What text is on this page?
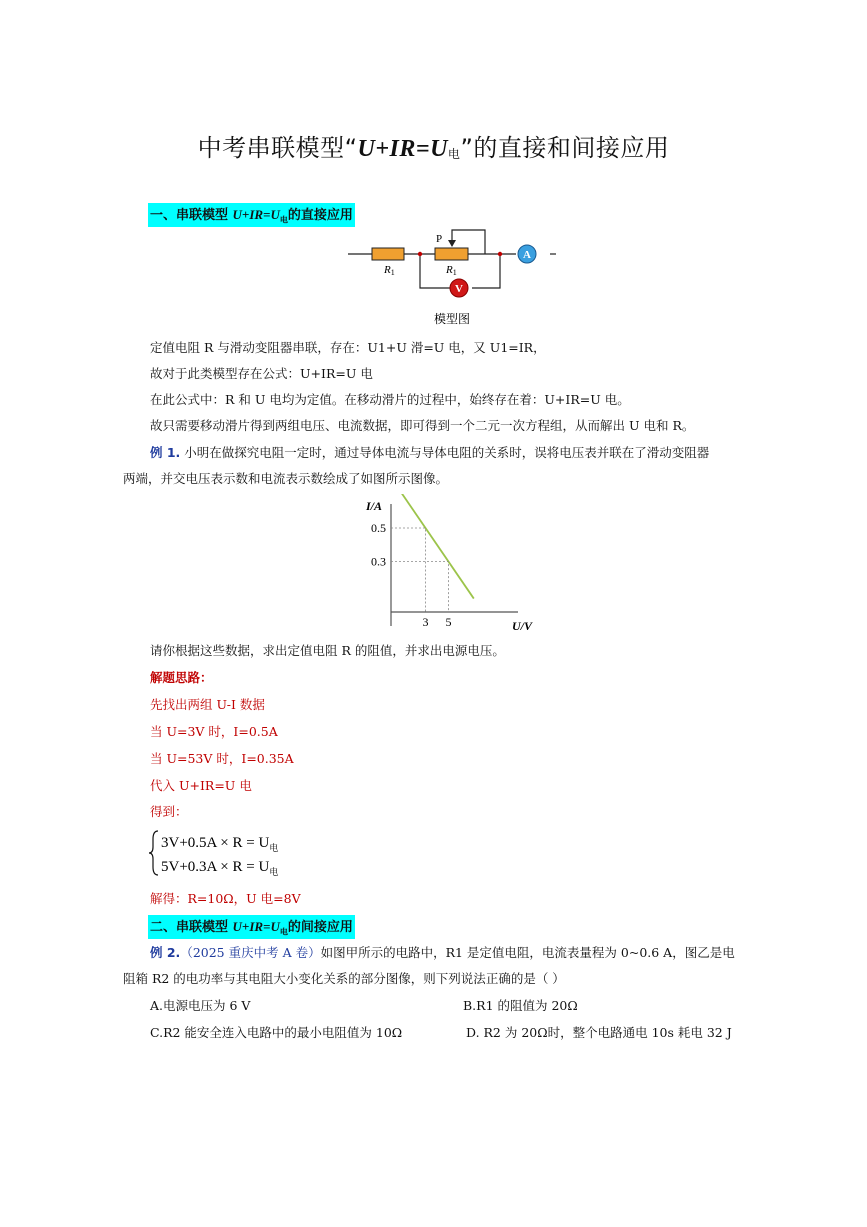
中考串联模型“$U+IR=U_电$”的直接和间接应用
一、串联模型 $U+IR=U_电$的直接应用
A
V
P
R1	R1
模型图
定值电阻 R 与滑动变阻器串联，存在：U1+U 滑=U 电，又 U1=IR，
故对于此类模型存在公式：U+IR=U 电
在此公式中：R 和 U 电均为定值。在移动滑片的过程中，始终存在着：U+IR=U 电。
故只需要移动滑片得到两组电压、电流数据，即可得到一个二元一次方程组，从而解出 U 电和 R。
例 1. 小明在做探究电阻一定时，通过导体电流与导体电阻的关系时，误将电压表并联在了滑动变阻器
两端，并交电压表示数和电流表示数绘成了如图所示图像。
I/A
U/V
3 5
0.5
0.3
请你根据这些数据，求出定值电阻 R 的阻值，并求出电源电压。
解题思路：
先找出两组 U-I 数据
当 U=3V 时，I=0.5A
当 U=53V 时，I=0.35A
代入 U+IR=U 电
得到：
$3V+0.5A \times R = U_电$
$5V+0.3A \times R = U_电$
解得：R=10Ω，U 电=8V
二、串联模型 $U+IR=U_电$的间接应用
例 2.（2025 重庆中考 A 卷）如图甲所示的电路中，R1 是定值电阻，电流表量程为 0~0.6 A，图乙是电
阻箱 R2 的电功率与其电阻大小变化关系的部分图像，则下列说法正确的是（ ）
A.电源电压为 6 V	B.R1 的阻值为 20Ω
C.R2 能安全连入电路中的最小电阻值为 10Ω	D. R2 为 20Ω时，整个电路通电 10s 耗电 32 J
